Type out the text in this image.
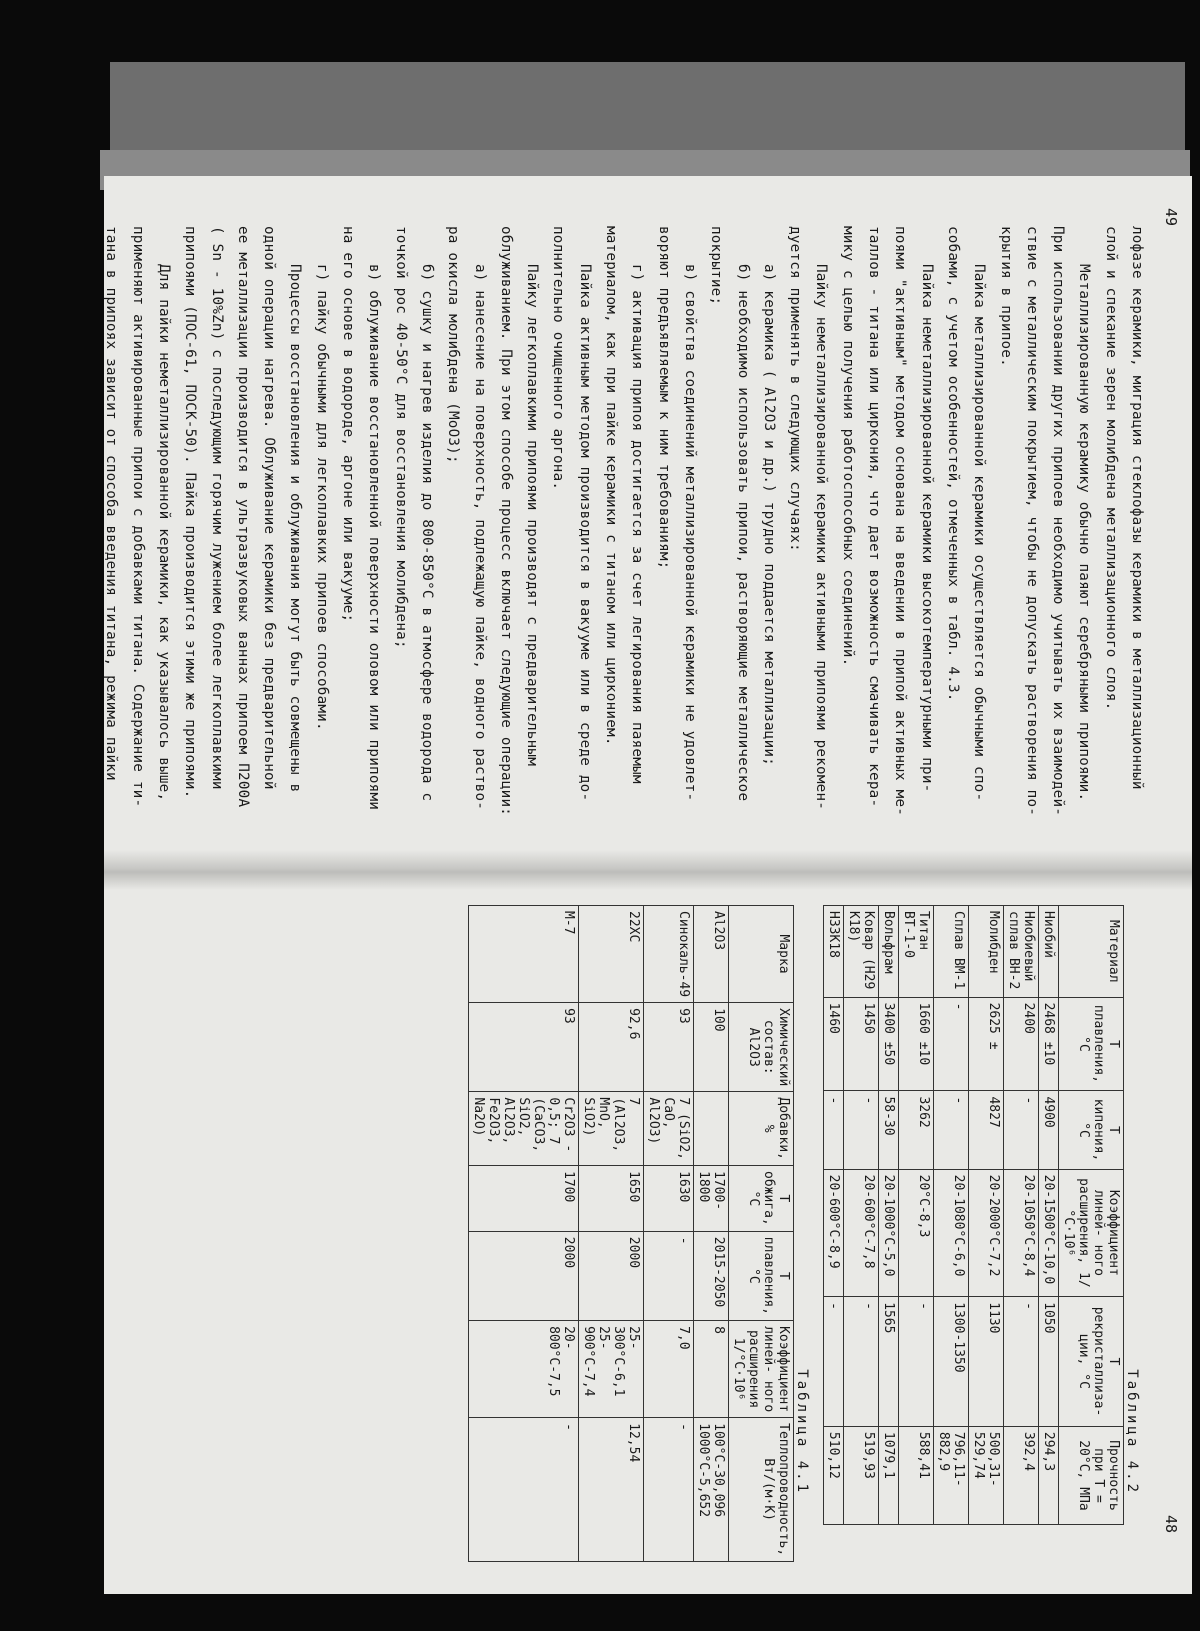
49

лофазе керамики, миграция стеклофазы керамики в металлизационный

слой и спекание зерен молибдена металлизационного слоя.

Металлизированную керамику обычно паяют серебряными припоями.

При использовании других припоев необходимо учитывать их взаимодей-

ствие с металлическим покрытием, чтобы не допускать растворения по-

крытия в припое.

Пайка металлизированной керамики осуществляется обычными спо-

собами, с учетом особенностей, отмеченных в табл. 4.3.

Пайка неметаллизированной керамики высокотемпературными при-

поями "активным" методом основана на введении в припой активных ме-

таллов - титана или циркония, что дает возможность смачивать кера-

мику с целью получения работоспособных соединений.

Пайку неметаллизированной керамики активными припоями рекомен-

дуется применять в следующих случаях:

а) керамика ( Al2O3 и др.) трудно поддается металлизации;

б) необходимо использовать припои, растворяющие металлическое

покрытие;

в) свойства соединений металлизированной керамики не удовлет-

воряют предъявляемым к ним требованиям;

г) активация припоя достигается за счет легирования паяемым

материалом, как при пайке керамики с титаном или цирконием.

Пайка активным методом производится в вакууме или в среде до-

полнительно очищенного аргона.

Пайку легкоплавкими припоями производят с предварительным

облуживанием. При этом способе процесс включает следующие операции:

а) нанесение на поверхность, подлежащую пайке, водного раство-

ра окисла молибдена (MoO3);

б) сушку и нагрев изделия до 800-850°С в атмосфере водорода с

точкой рос 40-50°С для восстановления молибдена;

в) облуживание восстановленной поверхности оловом или припоями

на его основе в водороде, аргоне или вакууме;

г) пайку обычными для легкоплавких припоев способами.

Процессы восстановления и облуживания могут быть совмещены в

одной операции нагрева. Облуживание керамики без предварительной

ее металлизации производится в ультразвуковых ваннах припоем П200А

( Sn - 10%Zn) с последующим горячим лужением более легкоплавкими

припоями (ПОС-61, ПОСК-50). Пайка производится этими же припоями.

Для пайки неметаллизированной керамики, как указывалось выше,

применяют активированные припои с добавками титана. Содержание ти-

тана в припоях зависит от способа введения титана, режима пайки

48
Таблица 4.2
Материал	Т плавления, °С	Т кипения, °С	Коэффициент линей- ного расширения, 1/°С·10⁶	Т рекристаллиза- ции, °С	Прочность при Т = 20°С, МПа
Ниобий	2468 ±10	4900	20-1500°С-10,0	1050	294,3
Ниобиевый сплав ВН-2	2400	-	20-1050°С-8,4	-	392,4
Молибден	2625 ±	4827	20-2000°С-7,2	1130	500,31-529,74
Сплав ВМ-1	-	-	20-1080°С-6,0	1300-1350	796,11-882,9
Титан ВТ-1-0	1660 ±10	3262	20°С-8,3	-	588,41
Вольфрам	3400 ±50	58-30	20-1000°С-5,0	1565	1079,1
Ковар (Н29 К18)	1450	-	20-600°С-7,8	-	519,93
Н33К18	1460	-	20-600°С-8,9	-	510,12
Таблица 4.1
Марка	Химический состав: Al2O3	Добавки, %	Т обжига, °С	Т плавления, °С	Коэффициент линей- ного расширения 1/°С·10⁶	Теплопроводность, Вт/(м·К)
Al2O3	100		1700-1800	2015-2050	8	100°С-30,096 1000°С-5,652
Синокаль-49	93	7 (SiO2, CaO, Al2O3)	1630	-	7,0	-
22ХС	92,6	7 (Al2O3, MnO, SiO2)	1650	2000	25-300°С-6,1 25-900°С-7,4	12,54
М-7	93	Cr2O3 - 0,5; 7 (CaCO3, SiO2, Al2O3, Fe2O3, Na2O)	1700	2000	20-800°С-7,5	-
